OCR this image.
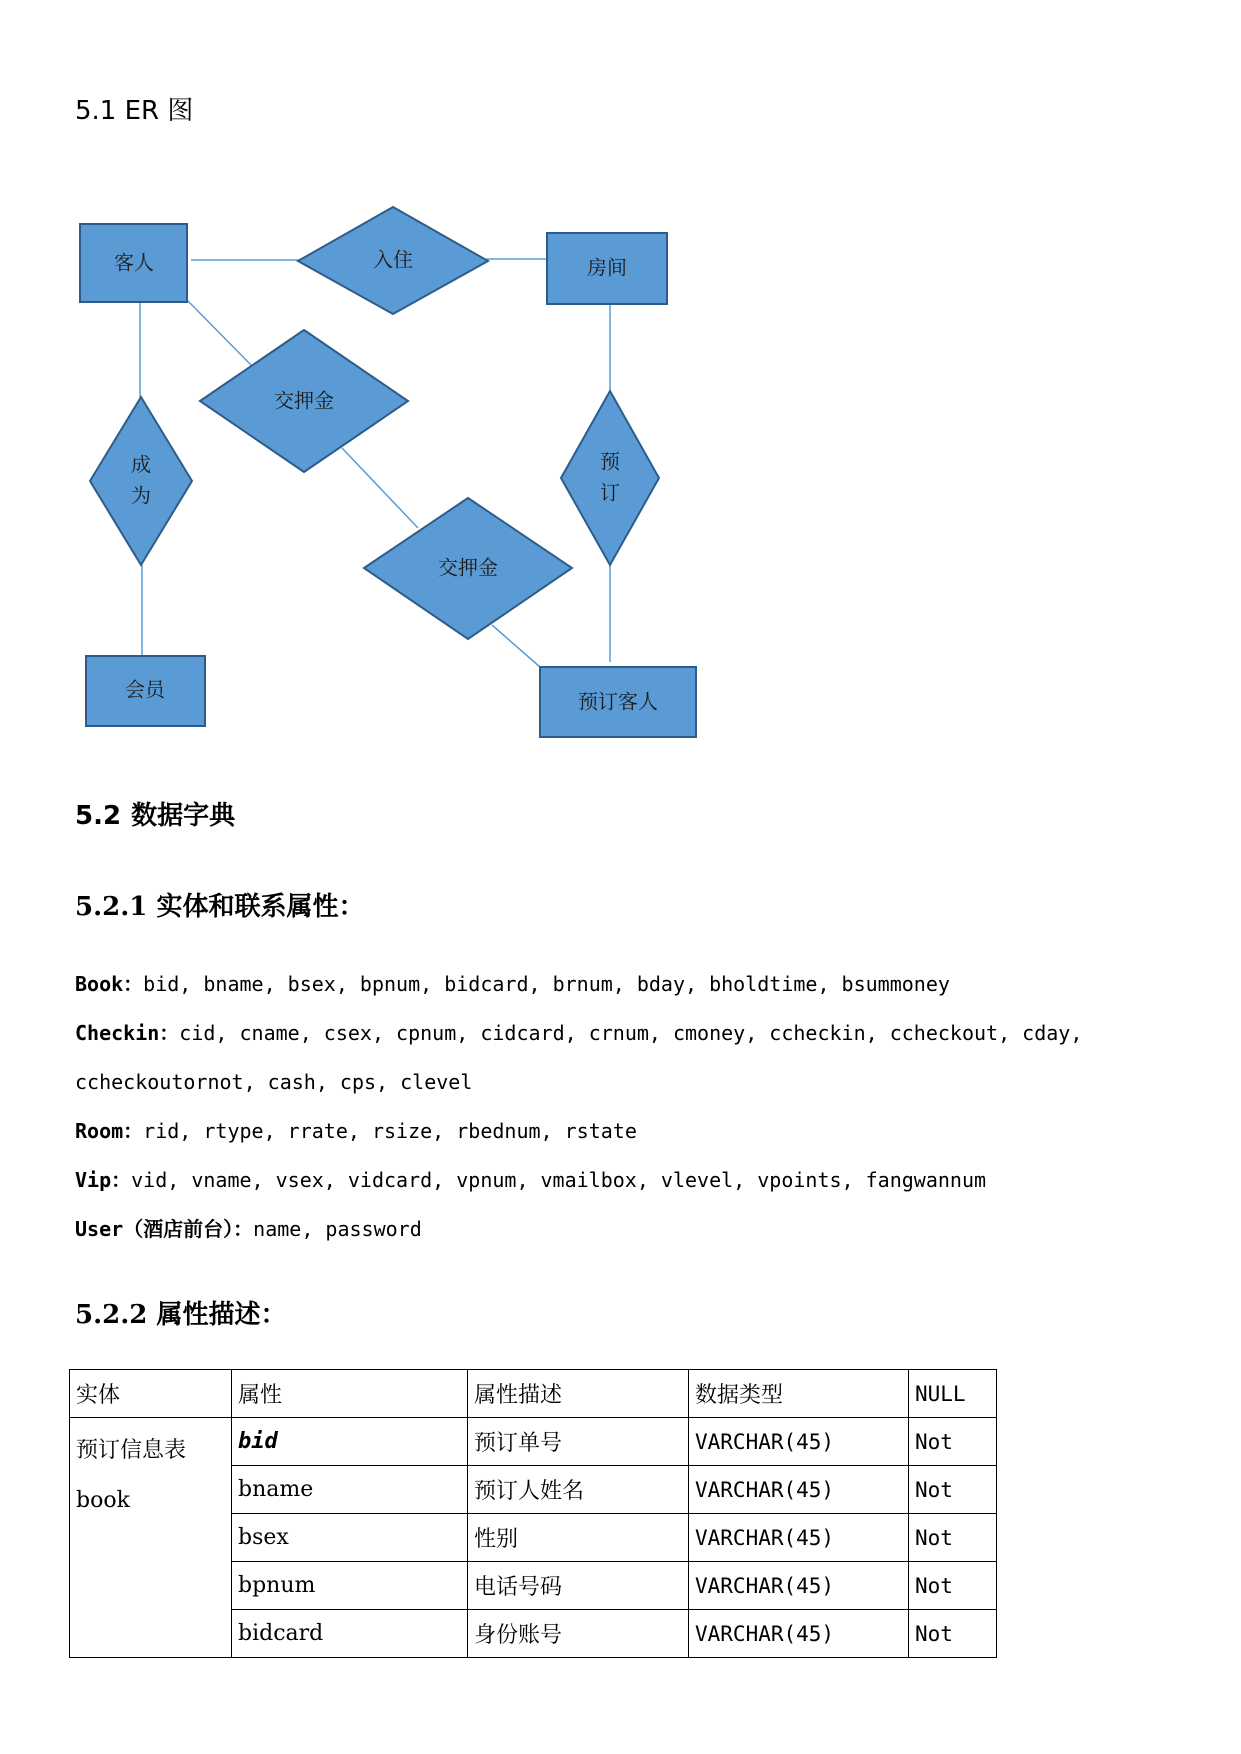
5.1 ER 图
客人	房间
会员	预订客人
入住
交押金
交押金
成
为
预
订
5.2 数据字典
5.2.1 实体和联系属性：
Book：bid, bname, bsex, bpnum, bidcard, brnum, bday, bholdtime, bsummoney
Checkin：cid, cname, csex, cpnum, cidcard, crnum, cmoney, ccheckin, ccheckout, cday, ccheckoutornot, cash, cps, clevel
Room：rid, rtype, rrate, rsize, rbednum, rstate
Vip：vid, vname, vsex, vidcard, vpnum, vmailbox, vlevel, vpoints, fangwannum
User（酒店前台）：name, password
5.2.2 属性描述：
实体	属性	属性描述	数据类型	NULL

预订信息表
book	bid	预订单号	VARCHAR(45)	Not
	bname	预订人姓名	VARCHAR(45)	Not
	bsex	性别	VARCHAR(45)	Not
	bpnum	电话号码	VARCHAR(45)	Not
	bidcard	身份账号	VARCHAR(45)	Not
